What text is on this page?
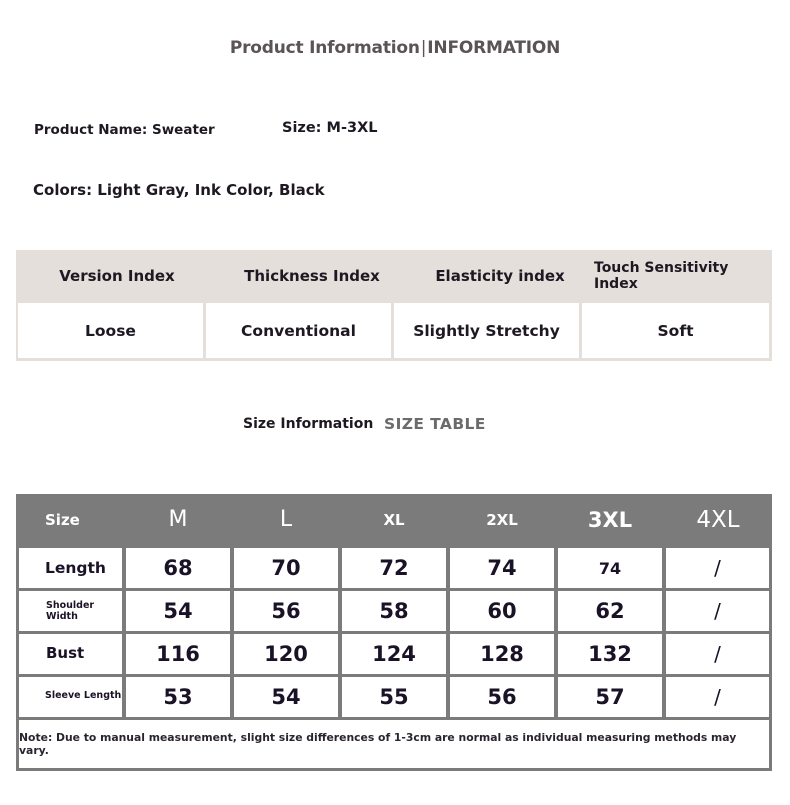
Product Information|INFORMATION
Product Name: Sweater	Size: M-3XL
Colors: Light Gray, Ink Color, Black
Version Index	Thickness Index	Elasticity index	Touch Sensitivity Index
Loose	Conventional	Slightly Stretchy	Soft
Size Information SIZE TABLE
Size	M	L	XL	2XL	3XL	4XL
Length	68	70	72	74	74	/
Shoulder Width	54	56	58	60	62	/
Bust	116	120	124	128	132	/
Sleeve Length	53	54	55	56	57	/
Note: Due to manual measurement, slight size differences of 1-3cm are normal as individual measuring methods may vary.
